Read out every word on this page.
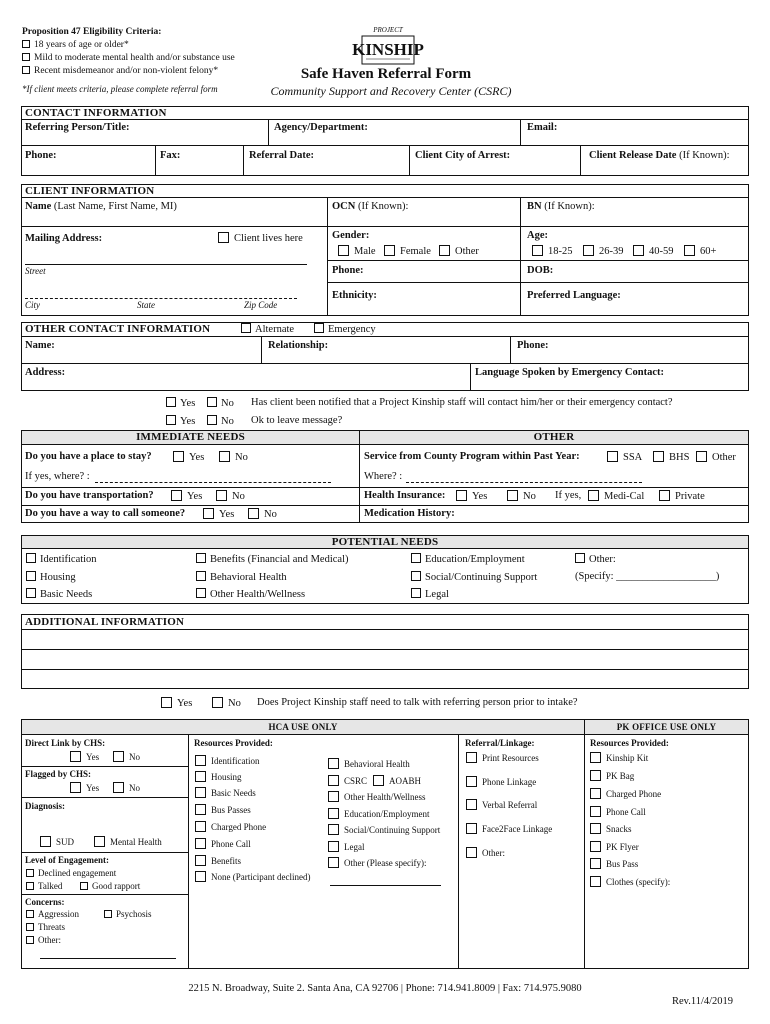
Proposition 47 Eligibility Criteria:
18 years of age or older*
Mild to moderate mental health and/or substance use
Recent misdemeanor and/or non-violent felony*
*If client meets criteria, please complete referral form
PROJECT
KINSHIP
Safe Haven Referral Form
Community Support and Recovery Center (CSRC)
CONTACT INFORMATION
Referring Person/Title:	Agency/Department:	Email:
Phone:	Fax:	Referral Date:	Client City of Arrest:	Client Release Date (If Known):
CLIENT INFORMATION
Name (Last Name, First Name, MI)	OCN (If Known):	BN (If Known):
Mailing Address:	Client lives here
Street
City	State	Zip Code
Gender:
Male	Female	Other
Age:
18-25	26-39	40-59	60+
Phone:	DOB:
Ethnicity:	Preferred Language:
OTHER CONTACT INFORMATION	Alternate	Emergency
Name:	Relationship:	Phone:
Address:	Language Spoken by Emergency Contact:
Yes	No Has client been notified that a Project Kinship staff will contact him/her or their emergency contact?
Yes	No Ok to leave message?
IMMEDIATE NEEDS	OTHER
Do you have a place to stay?	Yes	No
If yes, where? :
Do you have transportation?	Yes	No
Do you have a way to call someone?	Yes	No
Service from County Program within Past Year:	SSA	BHS	Other
Where? :
Health Insurance:	Yes	No If yes,	Medi-Cal	Private
Medication History:
POTENTIAL NEEDS
Identification
Housing
Basic Needs
Benefits (Financial and Medical)
Behavioral Health
Other Health/Wellness
Education/Employment
Social/Continuing Support
Legal
Other:
(Specify: ___________________)
ADDITIONAL INFORMATION
Yes	No Does Project Kinship staff need to talk with referring person prior to intake?
HCA USE ONLY	PK OFFICE USE ONLY
Direct Link by CHS:
Yes	No
Flagged by CHS:
Yes	No
Diagnosis:
SUD	Mental Health
Level of Engagement:
Declined engagement
Talked	Good rapport
Concerns:
Aggression	Psychosis
Threats
Other:
Resources Provided:
Identification
Housing
Basic Needs
Bus Passes
Charged Phone
Phone Call
Benefits
None (Participant declined)
Behavioral Health
CSRC	AOABH
Other Health/Wellness
Education/Employment
Social/Continuing Support
Legal
Other (Please specify):
Referral/Linkage:
Print Resources
Phone Linkage
Verbal Referral
Face2Face Linkage
Other:
Resources Provided:
Kinship Kit
PK Bag
Charged Phone
Phone Call
Snacks
PK Flyer
Bus Pass
Clothes (specify):
2215 N. Broadway, Suite 2. Santa Ana, CA 92706 | Phone: 714.941.8009 | Fax: 714.975.9080
Rev.11/4/2019
